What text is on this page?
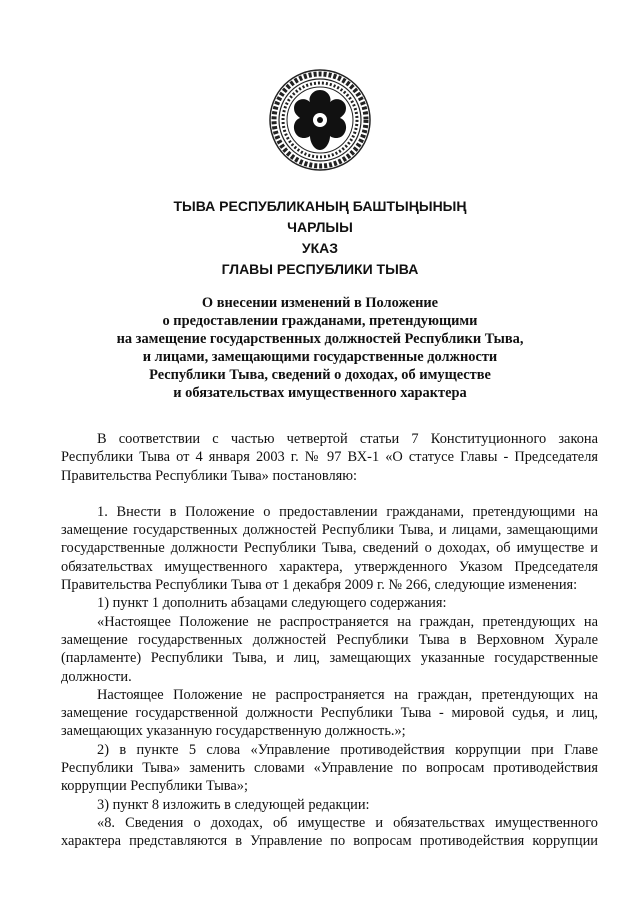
ТЫВА РЕСПУБЛИКАНЫҢ БАШТЫҢЫНЫҢ
ЧАРЛЫЫ
УКАЗ
ГЛАВЫ РЕСПУБЛИКИ ТЫВА
О внесении изменений в Положение
о предоставлении гражданами, претендующими
на замещение государственных должностей Республики Тыва,
и лицами, замещающими государственные должности
Республики Тыва, сведений о доходах, об имуществе
и обязательствах имущественного характера

В соответствии с частью четвертой статьи 7 Конституционного закона Республики Тыва от 4 января 2003 г. № 97 ВХ-1 «О статусе Главы - Председателя Правительства Республики Тыва» постановляю:

1. Внести в Положение о предоставлении гражданами, претендующими на замещение государственных должностей Республики Тыва, и лицами, замещающими государственные должности Республики Тыва, сведений о доходах, об имуществе и обязательствах имущественного характера, утвержденного Указом Председателя Правительства Республики Тыва от 1 декабря 2009 г. № 266, следующие изменения:

1) пункт 1 дополнить абзацами следующего содержания:

«Настоящее Положение не распространяется на граждан, претендующих на замещение государственных должностей Республики Тыва в Верховном Хурале (парламенте) Республики Тыва, и лиц, замещающих указанные государственные должности.

Настоящее Положение не распространяется на граждан, претендующих на замещение государственной должности Республики Тыва - мировой судья, и лиц, замещающих указанную государственную должность.»;

2) в пункте 5 слова «Управление противодействия коррупции при Главе Республики Тыва» заменить словами «Управление по вопросам противодействия коррупции Республики Тыва»;

3) пункт 8 изложить в следующей редакции:

«8. Сведения о доходах, об имуществе и обязательствах имущественного характера представляются в Управление по вопросам противодействия коррупции
